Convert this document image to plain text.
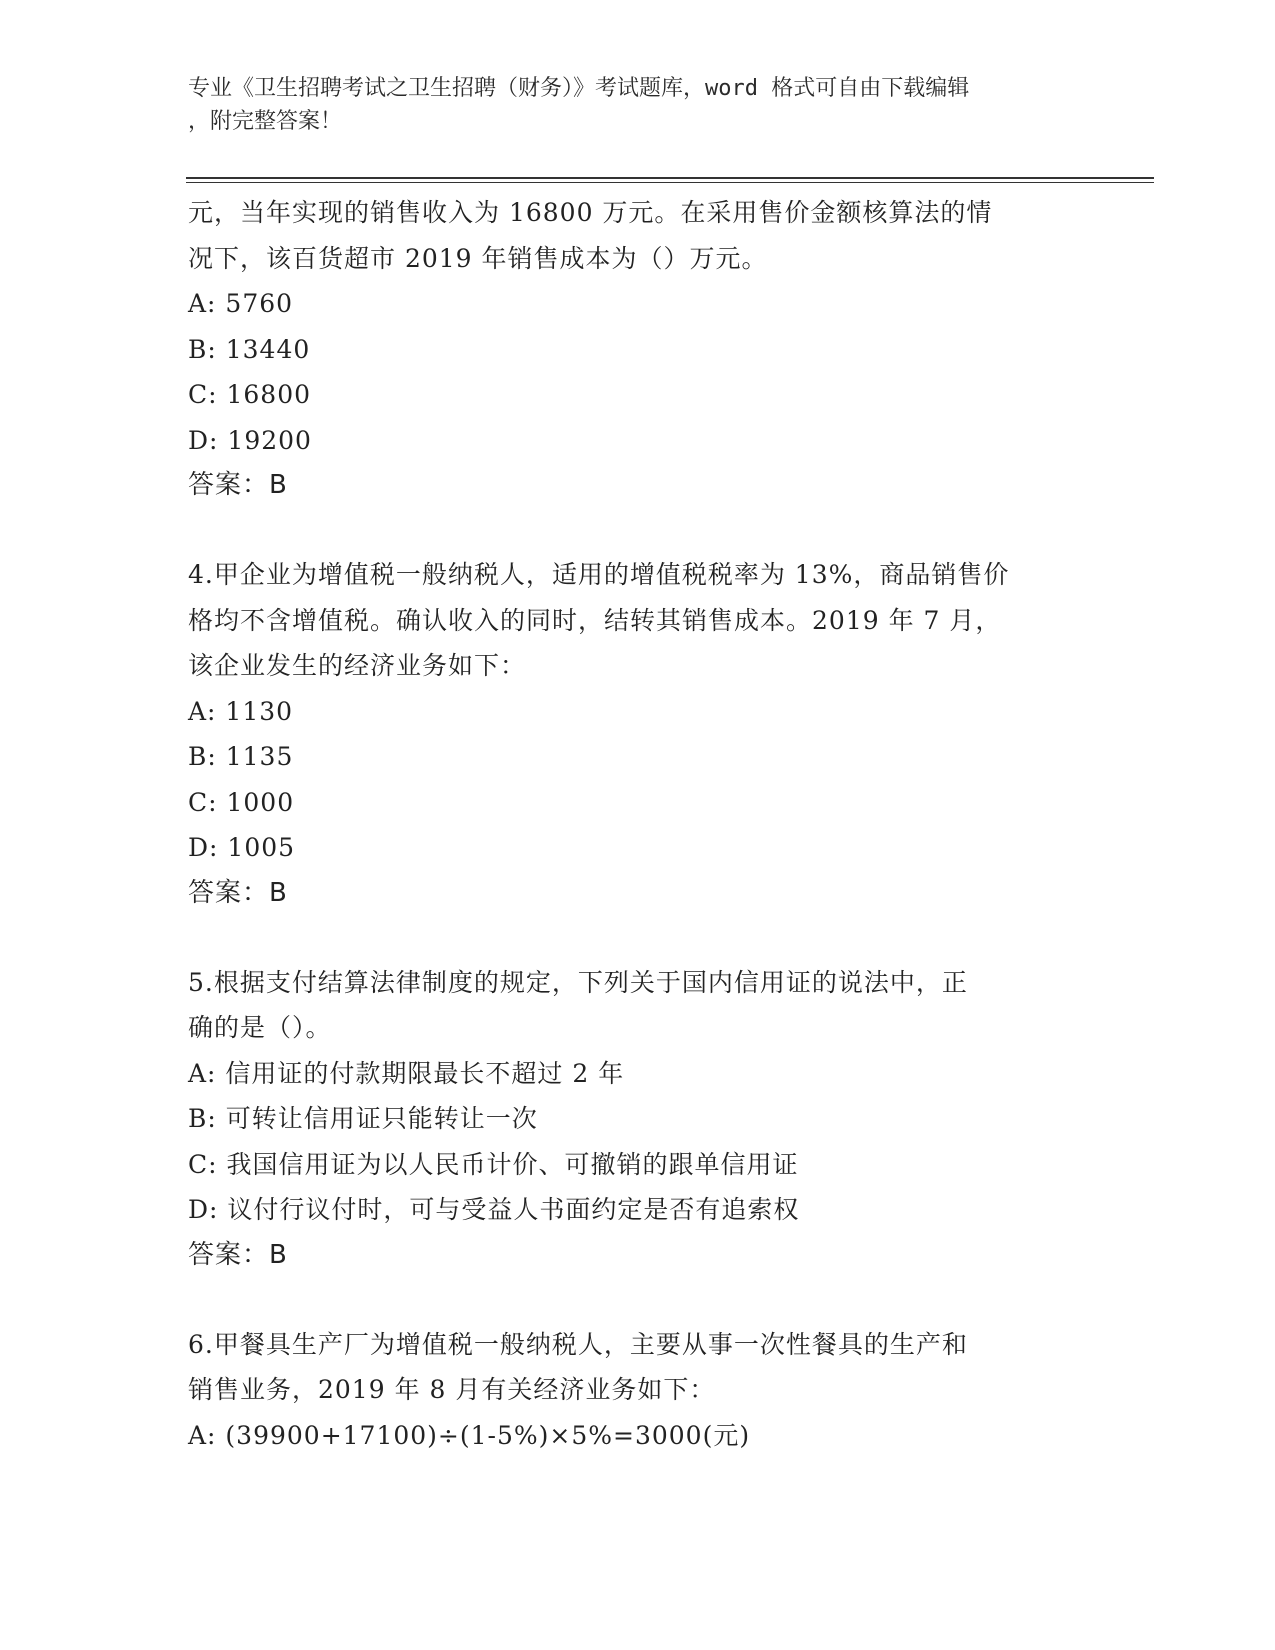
专业《卫生招聘考试之卫生招聘（财务）》考试题库，word 格式可自由下载编辑
，附完整答案！
元，当年实现的销售收入为 16800 万元。在采用售价金额核算法的情
况下，该百货超市 2019 年销售成本为（）万元。
A: 5760
B: 13440
C: 16800
D: 19200
答案：B
4.甲企业为增值税一般纳税人，适用的增值税税率为 13%，商品销售价
格均不含增值税。确认收入的同时，结转其销售成本。2019 年 7 月，
该企业发生的经济业务如下：
A: 1130
B: 1135
C: 1000
D: 1005
答案：B
5.根据支付结算法律制度的规定，下列关于国内信用证的说法中，正
确的是（）。
A: 信用证的付款期限最长不超过 2 年
B: 可转让信用证只能转让一次
C: 我国信用证为以人民币计价、可撤销的跟单信用证
D: 议付行议付时，可与受益人书面约定是否有追索权
答案：B
6.甲餐具生产厂为增值税一般纳税人，主要从事一次性餐具的生产和
销售业务，2019 年 8 月有关经济业务如下：
A: (39900+17100)÷(1-5%)×5%=3000(元)
